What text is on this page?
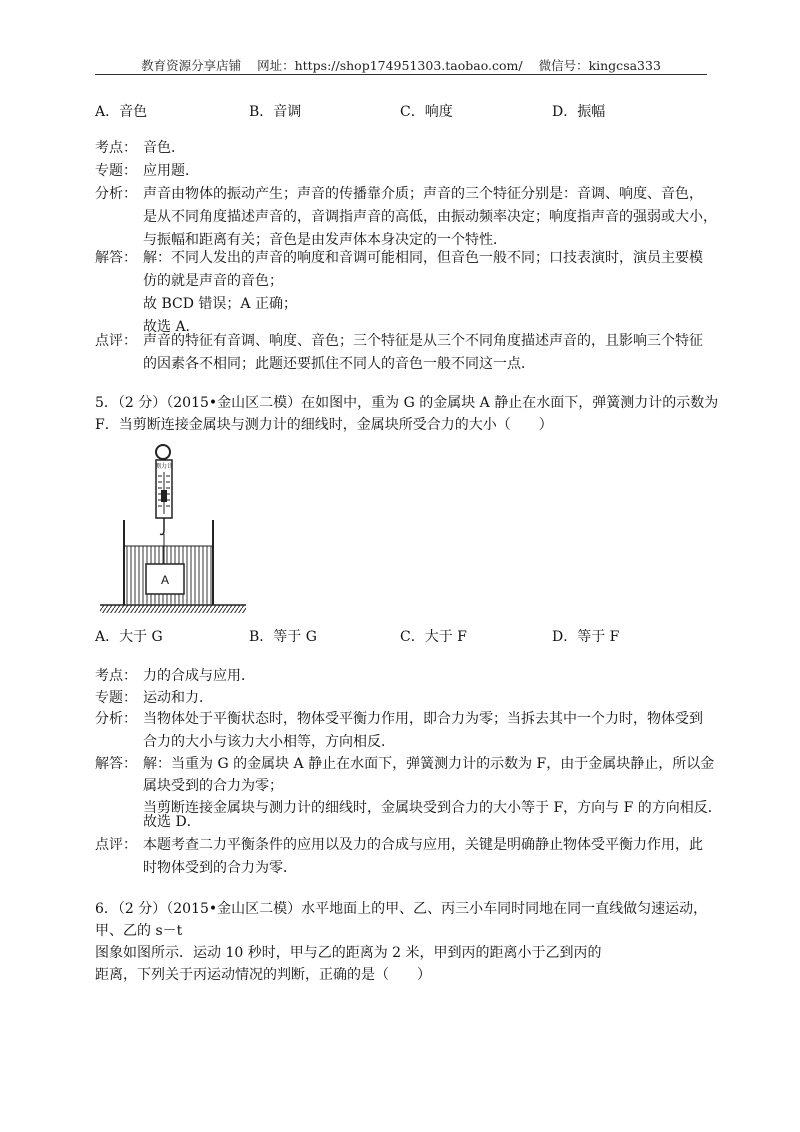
教育资源分享店铺 网址：https://shop174951303.taobao.com/ 微信号：kingcsa333
A．音色	B．音调	C．响度	D．振幅
考点： 音色．
专题： 应用题．
分析： 声音由物体的振动产生；声音的传播靠介质；声音的三个特征分别是：音调、响度、音色，
是从不同角度描述声音的，音调指声音的高低，由振动频率决定；响度指声音的强弱或大小，
与振幅和距离有关；音色是由发声体本身决定的一个特性．
解答： 解：不同人发出的声音的响度和音调可能相同，但音色一般不同；口技表演时，演员主要模
仿的就是声音的音色；
故 BCD 错误；A 正确；
故选 A．
点评： 声音的特征有音调、响度、音色；三个特征是从三个不同角度描述声音的，且影响三个特征
的因素各不相同；此题还要抓住不同人的音色一般不同这一点．
5．（2 分）（2015•金山区二模）在如图中，重为 G 的金属块 A 静止在水面下，弹簧测力计的示数为
F．当剪断连接金属块与测力计的细线时，金属块所受合力的大小（　　）
测力计
A
A．大于 G	B．等于 G	C．大于 F	D．等于 F
考点： 力的合成与应用．
专题： 运动和力．
分析： 当物体处于平衡状态时，物体受平衡力作用，即合力为零；当拆去其中一个力时，物体受到
合力的大小与该力大小相等，方向相反．
解答： 解：当重为 G 的金属块 A 静止在水面下，弹簧测力计的示数为 F，由于金属块静止，所以金
属块受到的合力为零；
当剪断连接金属块与测力计的细线时，金属块受到合力的大小等于 F，方向与 F 的方向相反．
故选 D．
点评： 本题考查二力平衡条件的应用以及力的合成与应用，关键是明确静止物体受平衡力作用，此
时物体受到的合力为零．
6．（2 分）（2015•金山区二模）水平地面上的甲、乙、丙三小车同时同地在同一直线做匀速运动，
甲、乙的 s－t
图象如图所示．运动 10 秒时，甲与乙的距离为 2 米，甲到丙的距离小于乙到丙的
距离，下列关于丙运动情况的判断，正确的是（　　）
